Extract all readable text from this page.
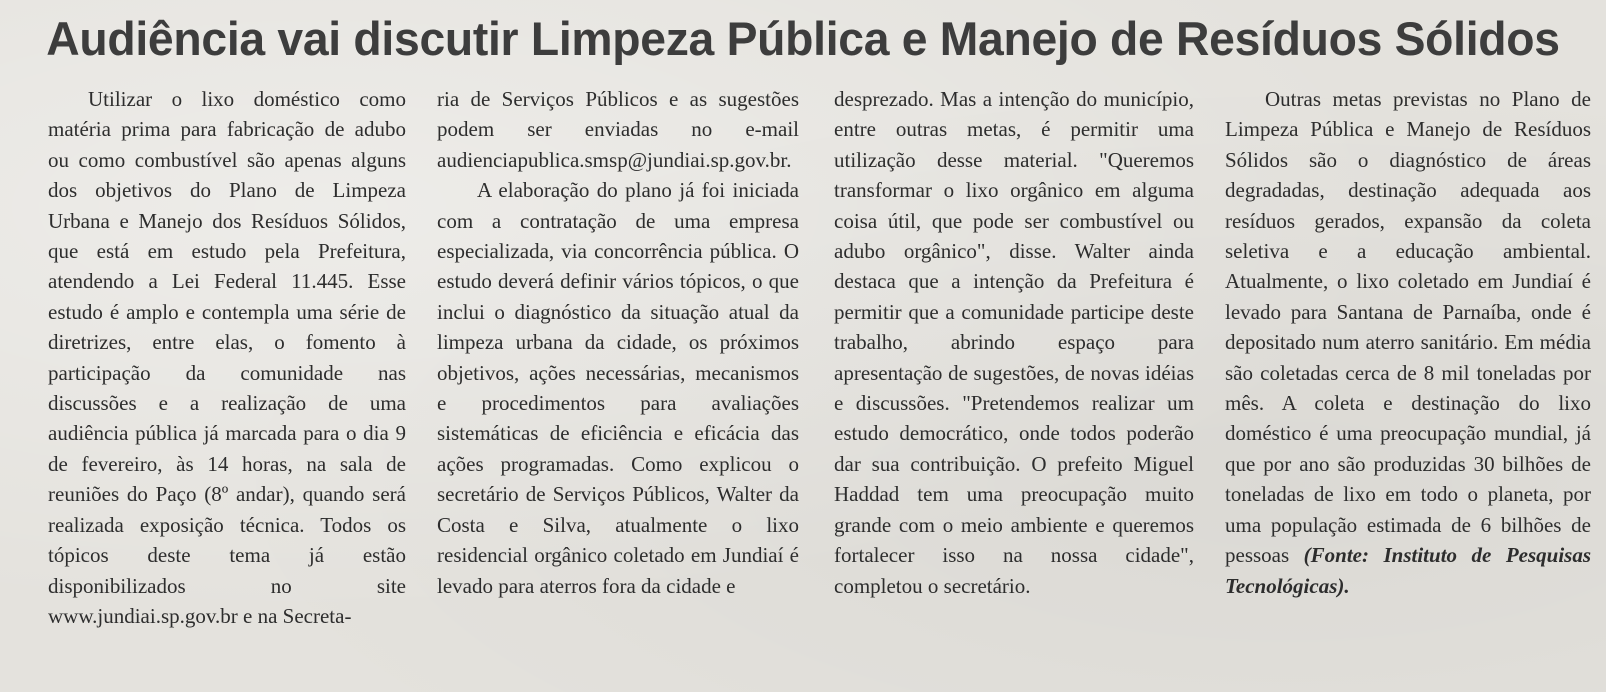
Audiência vai discutir Limpeza Pública e Manejo de Resíduos Sólidos

Utilizar o lixo doméstico como matéria prima para fabricação de adubo ou como combustível são apenas alguns dos objetivos do Plano de Limpeza Urbana e Manejo dos Resíduos Sólidos, que está em estudo pela Prefeitura, atendendo a Lei Federal 11.445. Esse estudo é amplo e contempla uma série de diretrizes, entre elas, o fomento à participação da comunidade nas discussões e a realização de uma audiência pública já marcada para o dia 9 de fevereiro, às 14 horas, na sala de reuniões do Paço (8º andar), quando será realizada exposição técnica. Todos os tópicos deste tema já estão disponibilizados no site www.jundiai.sp.gov.br e na Secreta-

ria de Serviços Públicos e as sugestões podem ser enviadas no e-mail audienciapublica.smsp@jundiai.sp.gov.br.

A elaboração do plano já foi iniciada com a contratação de uma empresa especializada, via concorrência pública. O estudo deverá definir vários tópicos, o que inclui o diagnóstico da situação atual da limpeza urbana da cidade, os próximos objetivos, ações necessárias, mecanismos e procedimentos para avaliações sistemáticas de eficiência e eficácia das ações programadas. Como explicou o secretário de Serviços Públicos, Walter da Costa e Silva, atualmente o lixo residencial orgânico coletado em Jundiaí é levado para aterros fora da cidade e

desprezado. Mas a intenção do município, entre outras metas, é permitir uma utilização desse material. "Queremos transformar o lixo orgânico em alguma coisa útil, que pode ser combustível ou adubo orgânico", disse. Walter ainda destaca que a intenção da Prefeitura é permitir que a comunidade participe deste trabalho, abrindo espaço para apresentação de sugestões, de novas idéias e discussões. "Pretendemos realizar um estudo democrático, onde todos poderão dar sua contribuição. O prefeito Miguel Haddad tem uma preocupação muito grande com o meio ambiente e queremos fortalecer isso na nossa cidade", completou o secretário.

Outras metas previstas no Plano de Limpeza Pública e Manejo de Resíduos Sólidos são o diagnóstico de áreas degradadas, destinação adequada aos resíduos gerados, expansão da coleta seletiva e a educação ambiental. Atualmente, o lixo coletado em Jundiaí é levado para Santana de Parnaíba, onde é depositado num aterro sanitário. Em média são coletadas cerca de 8 mil toneladas por mês. A coleta e destinação do lixo doméstico é uma preocupação mundial, já que por ano são produzidas 30 bilhões de toneladas de lixo em todo o planeta, por uma população estimada de 6 bilhões de pessoas (Fonte: Instituto de Pesquisas Tecnológicas).
